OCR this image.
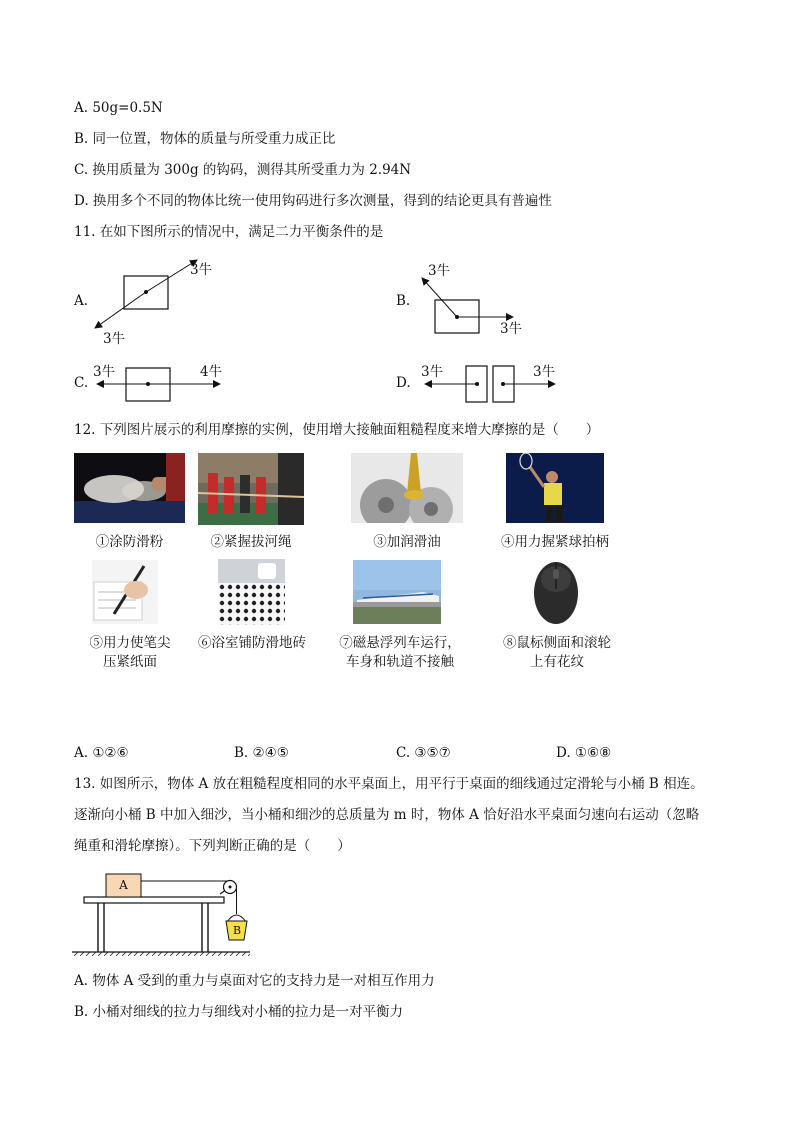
A. 50g=0.5N
B. 同一位置，物体的质量与所受重力成正比
C. 换用质量为 300g 的钩码，测得其所受重力为 2.94N
D. 换用多个不同的物体比统一使用钩码进行多次测量，得到的结论更具有普遍性
11. 在如下图所示的情况中，满足二力平衡条件的是
A.	B.
C.	D.
3牛
3牛
3牛
3牛
3牛	4牛	3牛	3牛
12. 下列图片展示的利用摩擦的实例，使用增大接触面粗糙程度来增大摩擦的是（　　）
①涂防滑粉	②紧握拔河绳	③加润滑油	④用力握紧球拍柄
⑤用力使笔尖
压紧纸面
⑥浴室铺防滑地砖	⑦磁悬浮列车运行，
车身和轨道不接触
⑧鼠标侧面和滚轮
上有花纹
A. ①②⑥	B. ②④⑤	C. ③⑤⑦	D. ①⑥⑧
13. 如图所示，物体 A 放在粗糙程度相同的水平桌面上，用平行于桌面的细线通过定滑轮与小桶 B 相连。
逐渐向小桶 B 中加入细沙，当小桶和细沙的总质量为 m 时，物体 A 恰好沿水平桌面匀速向右运动（忽略
绳重和滑轮摩擦）。下列判断正确的是（　　）
A
B
A. 物体 A 受到的重力与桌面对它的支持力是一对相互作用力
B. 小桶对细线的拉力与细线对小桶的拉力是一对平衡力
